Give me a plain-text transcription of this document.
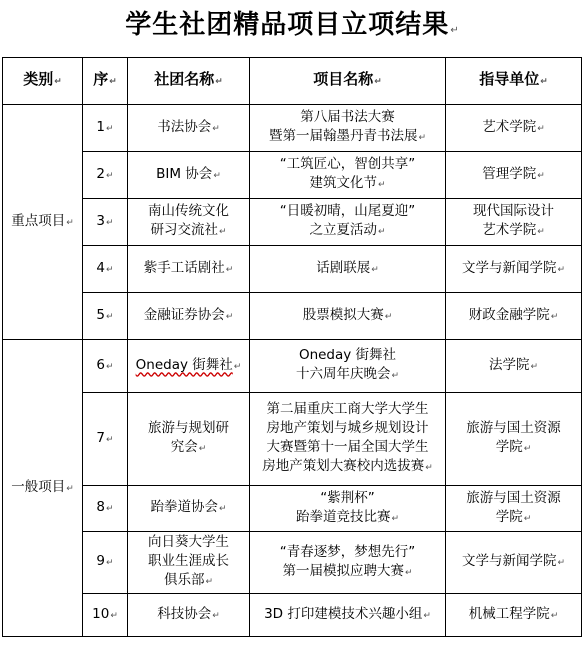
学生社团精品项目立项结果↵
类别↵	序↵	社团名称↵	项目名称↵	指导单位↵
重点项目↵	1↵	书法协会↵	第八届书法大赛
暨第一届翰墨丹青书法展↵	艺术学院↵
	2↵	BIM 协会↵	“工筑匠心，智创共享”
建筑文化节↵	管理学院↵
	3↵	南山传统文化
研习交流社↵	“日暖初晴，山尾夏迎”
之立夏活动↵	现代国际设计
艺术学院↵
	4↵	紫手工话剧社↵	话剧联展↵	文学与新闻学院↵
	5↵	金融证券协会↵	股票模拟大赛↵	财政金融学院↵
一般项目↵	6↵	Oneday 街舞社↵	Oneday 街舞社
十六周年庆晚会↵	法学院↵
	7↵	旅游与规划研
究会↵	第二届重庆工商大学大学生
房地产策划与城乡规划设计
大赛暨第十一届全国大学生
房地产策划大赛校内选拔赛↵	旅游与国土资源
学院↵
	8↵	跆拳道协会↵	“紫荆杯”
跆拳道竞技比赛↵	旅游与国土资源
学院↵
	9↵	向日葵大学生
职业生涯成长
俱乐部↵	“青春逐梦，梦想先行”
第一届模拟应聘大赛↵	文学与新闻学院↵
	10↵	科技协会↵	3D 打印建模技术兴趣小组↵	机械工程学院↵
